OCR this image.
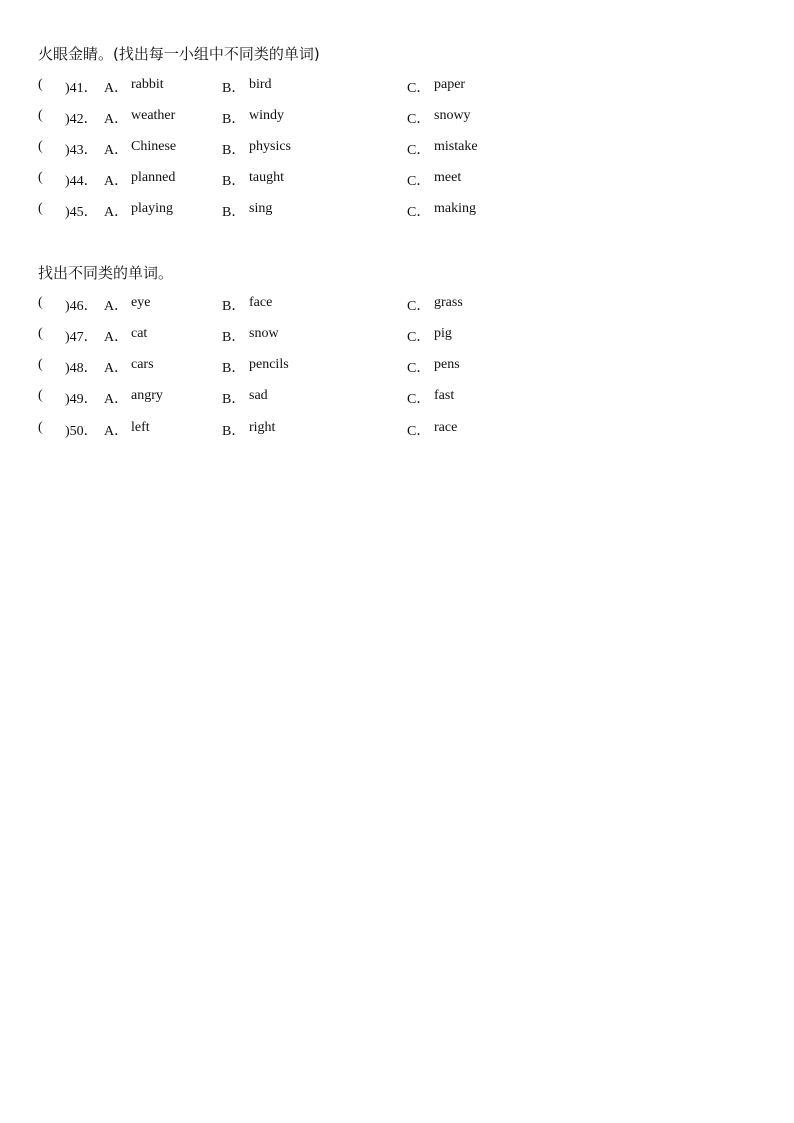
火眼金睛。(找出每一小组中不同类的单词)
( )41． A． rabbit	B． bird	C． paper
( )42． A． weather	B． windy	C． snowy
( )43． A． Chinese	B． physics	C． mistake
( )44． A． planned	B． taught	C． meet
( )45． A． playing	B． sing	C． making
找出不同类的单词。
( )46． A． eye	B． face	C． grass
( )47． A． cat	B． snow	C． pig
( )48． A． cars	B． pencils	C． pens
( )49． A． angry	B． sad	C． fast
( )50． A． left	B． right	C． race
